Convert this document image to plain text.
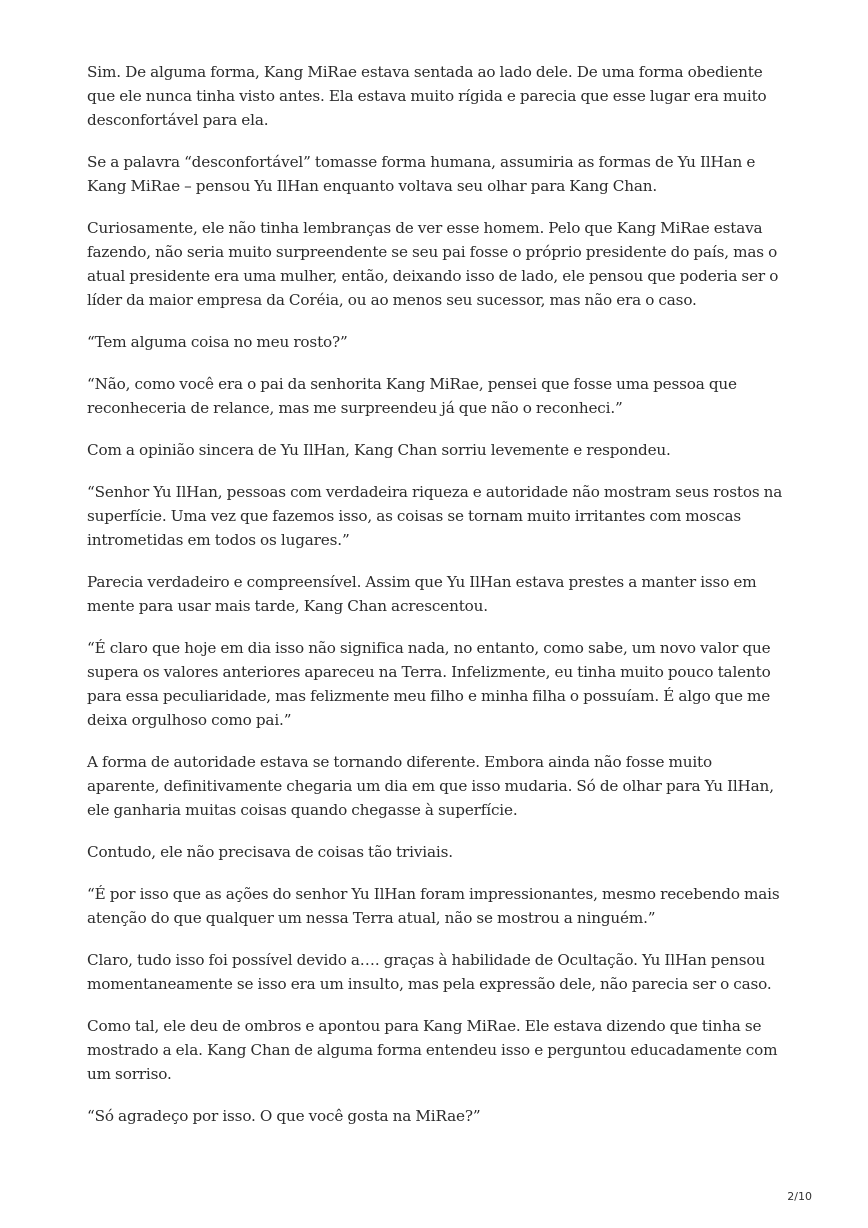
Sim. De alguma forma, Kang MiRae estava sentada ao lado dele. De uma forma obediente que ele nunca tinha visto antes. Ela estava muito rígida e parecia que esse lugar era muito desconfortável para ela.

Se a palavra “desconfortável” tomasse forma humana, assumiria as formas de Yu IlHan e Kang MiRae – pensou Yu IlHan enquanto voltava seu olhar para Kang Chan.

Curiosamente, ele não tinha lembranças de ver esse homem. Pelo que Kang MiRae estava fazendo, não seria muito surpreendente se seu pai fosse o próprio presidente do país, mas o atual presidente era uma mulher, então, deixando isso de lado, ele pensou que poderia ser o líder da maior empresa da Coréia, ou ao menos seu sucessor, mas não era o caso.

“Tem alguma coisa no meu rosto?”

“Não, como você era o pai da senhorita Kang MiRae, pensei que fosse uma pessoa que reconheceria de relance, mas me surpreendeu já que não o reconheci.”

Com a opinião sincera de Yu IlHan, Kang Chan sorriu levemente e respondeu.

“Senhor Yu IlHan, pessoas com verdadeira riqueza e autoridade não mostram seus rostos na superfície. Uma vez que fazemos isso, as coisas se tornam muito irritantes com moscas intrometidas em todos os lugares.”

Parecia verdadeiro e compreensível. Assim que Yu IlHan estava prestes a manter isso em mente para usar mais tarde, Kang Chan acrescentou.

“É claro que hoje em dia isso não significa nada, no entanto, como sabe, um novo valor que supera os valores anteriores apareceu na Terra. Infelizmente, eu tinha muito pouco talento para essa peculiaridade, mas felizmente meu filho e minha filha o possuíam. É algo que me deixa orgulhoso como pai.”

A forma de autoridade estava se tornando diferente. Embora ainda não fosse muito aparente, definitivamente chegaria um dia em que isso mudaria. Só de olhar para Yu IlHan, ele ganharia muitas coisas quando chegasse à superfície.

Contudo, ele não precisava de coisas tão triviais.

“É por isso que as ações do senhor Yu IlHan foram impressionantes, mesmo recebendo mais atenção do que qualquer um nessa Terra atual, não se mostrou a ninguém.”

Claro, tudo isso foi possível devido a…. graças à habilidade de Ocultação. Yu IlHan pensou momentaneamente se isso era um insulto, mas pela expressão dele, não parecia ser o caso.

Como tal, ele deu de ombros e apontou para Kang MiRae. Ele estava dizendo que tinha se mostrado a ela. Kang Chan de alguma forma entendeu isso e perguntou educadamente com um sorriso.

“Só agradeço por isso. O que você gosta na MiRae?”

2/10
